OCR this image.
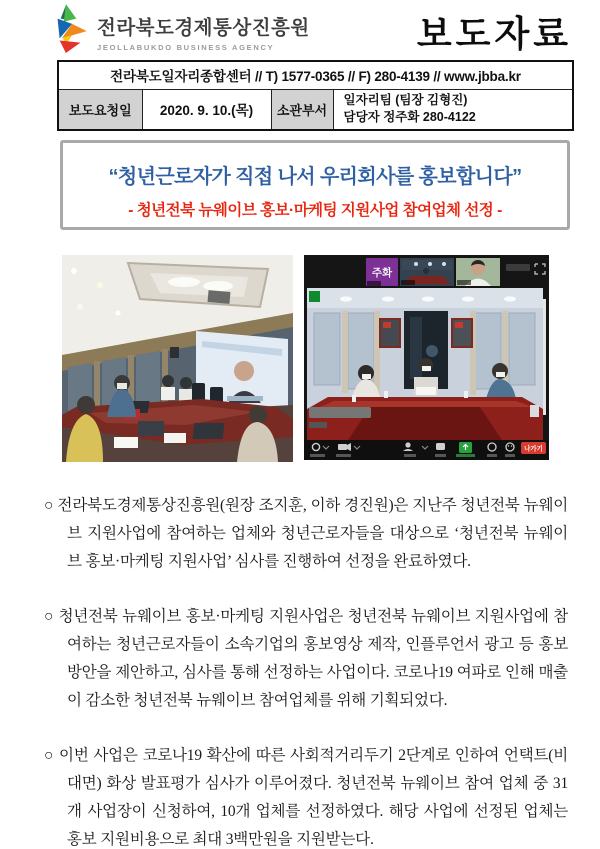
전라북도경제통상진흥원
JEOLLABUKDO BUSINESS AGENCY	보도자료
전라북도일자리종합센터 // T) 1577-0365 // F) 280-4139 // www.jbba.kr
보도요청일	2020. 9. 10.(목)	소관부서	
일자리팀 (팀장 김형진)
담당자 정주화 280-4122
“청년근로자가 직접 나서 우리회사를 홍보합니다”
- 청년전북 뉴웨이브 홍보·마케팅 지원사업 참여업체 선정 -
주화
나가기

○ 전라북도경제통상진흥원(원장 조지훈, 이하 경진원)은 지난주 청년전북 뉴웨이브 지원사업에 참여하는 업체와 청년근로자들을 대상으로 ‘청년전북 뉴웨이브 홍보·마케팅 지원사업’ 심사를 진행하여 선정을 완료하였다.

○ 청년전북 뉴웨이브 홍보·마케팅 지원사업은 청년전북 뉴웨이브 지원사업에 참여하는 청년근로자들이 소속기업의 홍보영상 제작, 인플루언서 광고 등 홍보방안을 제안하고, 심사를 통해 선정하는 사업이다. 코로나19 여파로 인해 매출이 감소한 청년전북 뉴웨이브 참여업체를 위해 기획되었다.

○ 이번 사업은 코로나19 확산에 따른 사회적거리두기 2단계로 인하여 언택트(비대면) 화상 발표평가 심사가 이루어졌다. 청년전북 뉴웨이브 참여 업체 중 31개 사업장이 신청하여, 10개 업체를 선정하였다. 해당 사업에 선정된 업체는 홍보 지원비용으로 최대 3백만원을 지원받는다.
